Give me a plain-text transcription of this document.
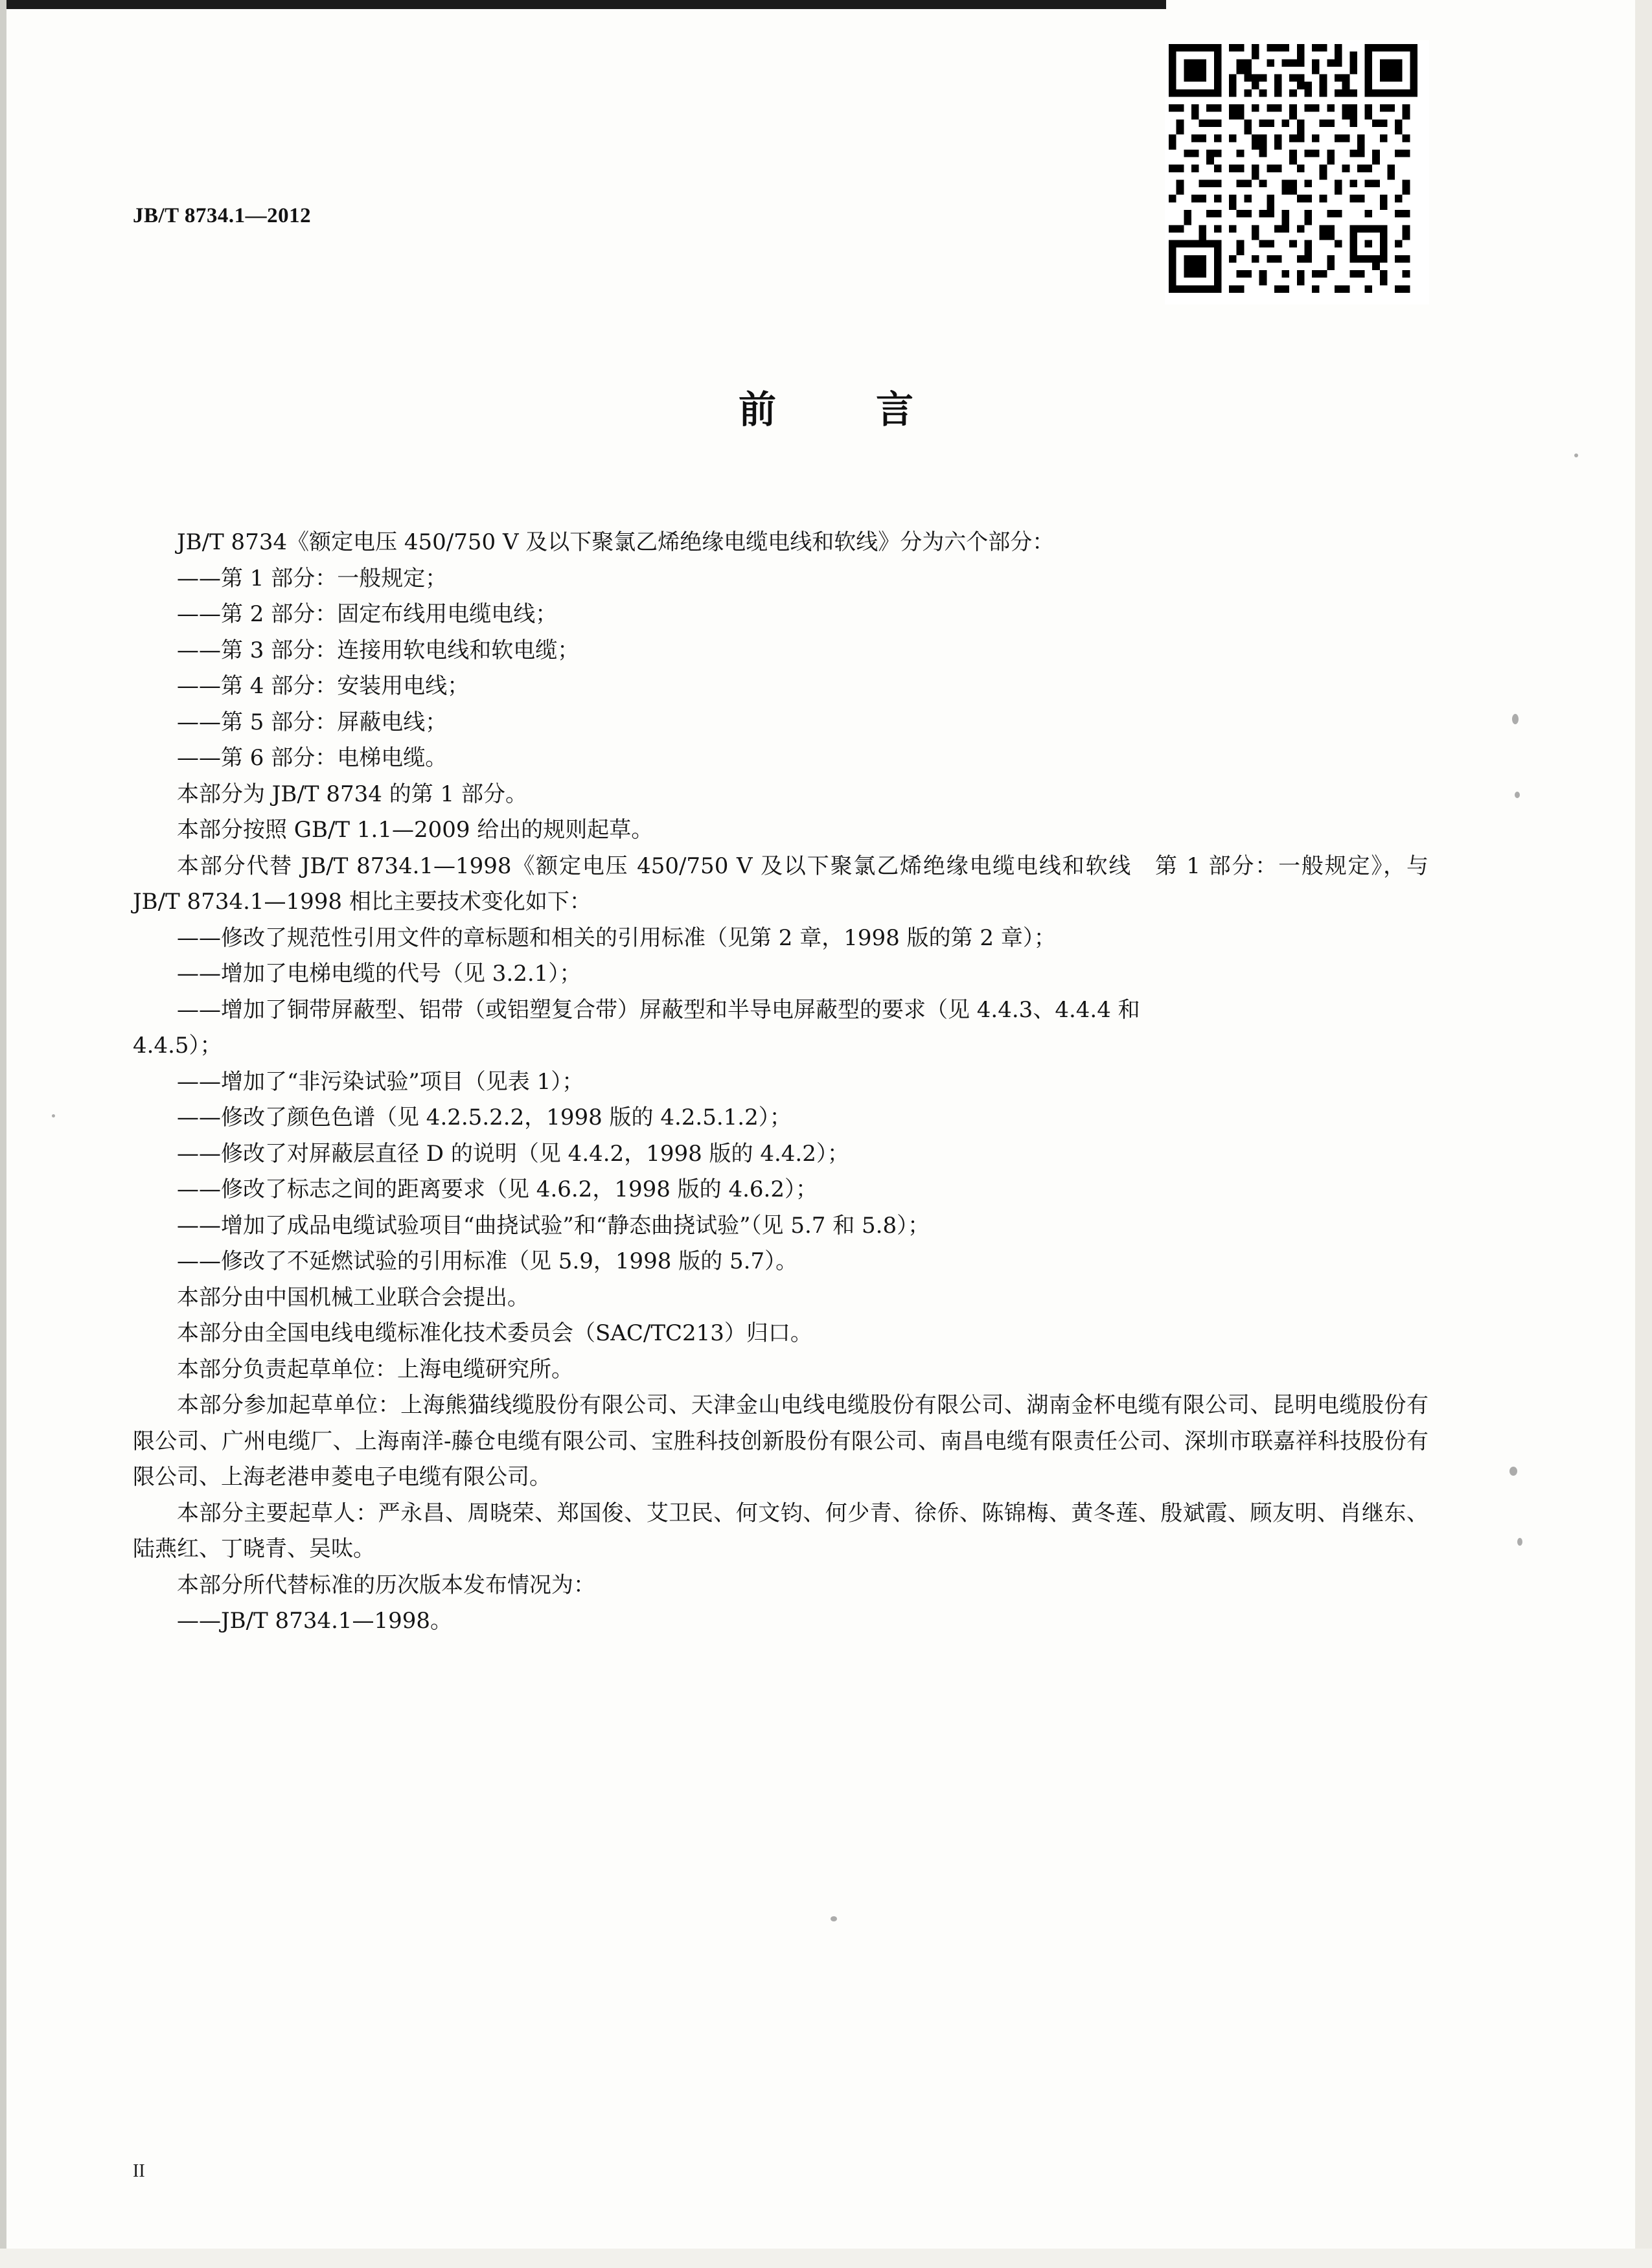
JB/T 8734.1—2012
前　言

JB/T 8734《额定电压 450/750 V 及以下聚氯乙烯绝缘电缆电线和软线》分为六个部分：

——第 1 部分：一般规定；

——第 2 部分：固定布线用电缆电线；

——第 3 部分：连接用软电线和软电缆；

——第 4 部分：安装用电线；

——第 5 部分：屏蔽电线；

——第 6 部分：电梯电缆。

本部分为 JB/T 8734 的第 1 部分。

本部分按照 GB/T 1.1—2009 给出的规则起草。

本部分代替 JB/T 8734.1—1998《额定电压 450/750 V 及以下聚氯乙烯绝缘电缆电线和软线　第 1 部分：一般规定》，与 JB/T 8734.1—1998 相比主要技术变化如下：

——修改了规范性引用文件的章标题和相关的引用标准（见第 2 章，1998 版的第 2 章）；

——增加了电梯电缆的代号（见 3.2.1）；

——增加了铜带屏蔽型、铝带（或铝塑复合带）屏蔽型和半导电屏蔽型的要求（见 4.4.3、4.4.4 和

4.4.5）；

——增加了“非污染试验”项目（见表 1）；

——修改了颜色色谱（见 4.2.5.2.2，1998 版的 4.2.5.1.2）；

——修改了对屏蔽层直径 D 的说明（见 4.4.2，1998 版的 4.4.2）；

——修改了标志之间的距离要求（见 4.6.2，1998 版的 4.6.2）；

——增加了成品电缆试验项目“曲挠试验”和“静态曲挠试验”（见 5.7 和 5.8）；

——修改了不延燃试验的引用标准（见 5.9，1998 版的 5.7）。

本部分由中国机械工业联合会提出。

本部分由全国电线电缆标准化技术委员会（SAC/TC213）归口。

本部分负责起草单位：上海电缆研究所。

本部分参加起草单位：上海熊猫线缆股份有限公司、天津金山电线电缆股份有限公司、湖南金杯电缆有限公司、昆明电缆股份有限公司、广州电缆厂、上海南洋-藤仓电缆有限公司、宝胜科技创新股份有限公司、南昌电缆有限责任公司、深圳市联嘉祥科技股份有限公司、上海老港申菱电子电缆有限公司。

本部分主要起草人：严永昌、周晓荣、郑国俊、艾卫民、何文钧、何少青、徐侨、陈锦梅、黄冬莲、殷斌霞、顾友明、肖继东、陆燕红、丁晓青、吴呔。

本部分所代替标准的历次版本发布情况为：

——JB/T 8734.1—1998。

II
